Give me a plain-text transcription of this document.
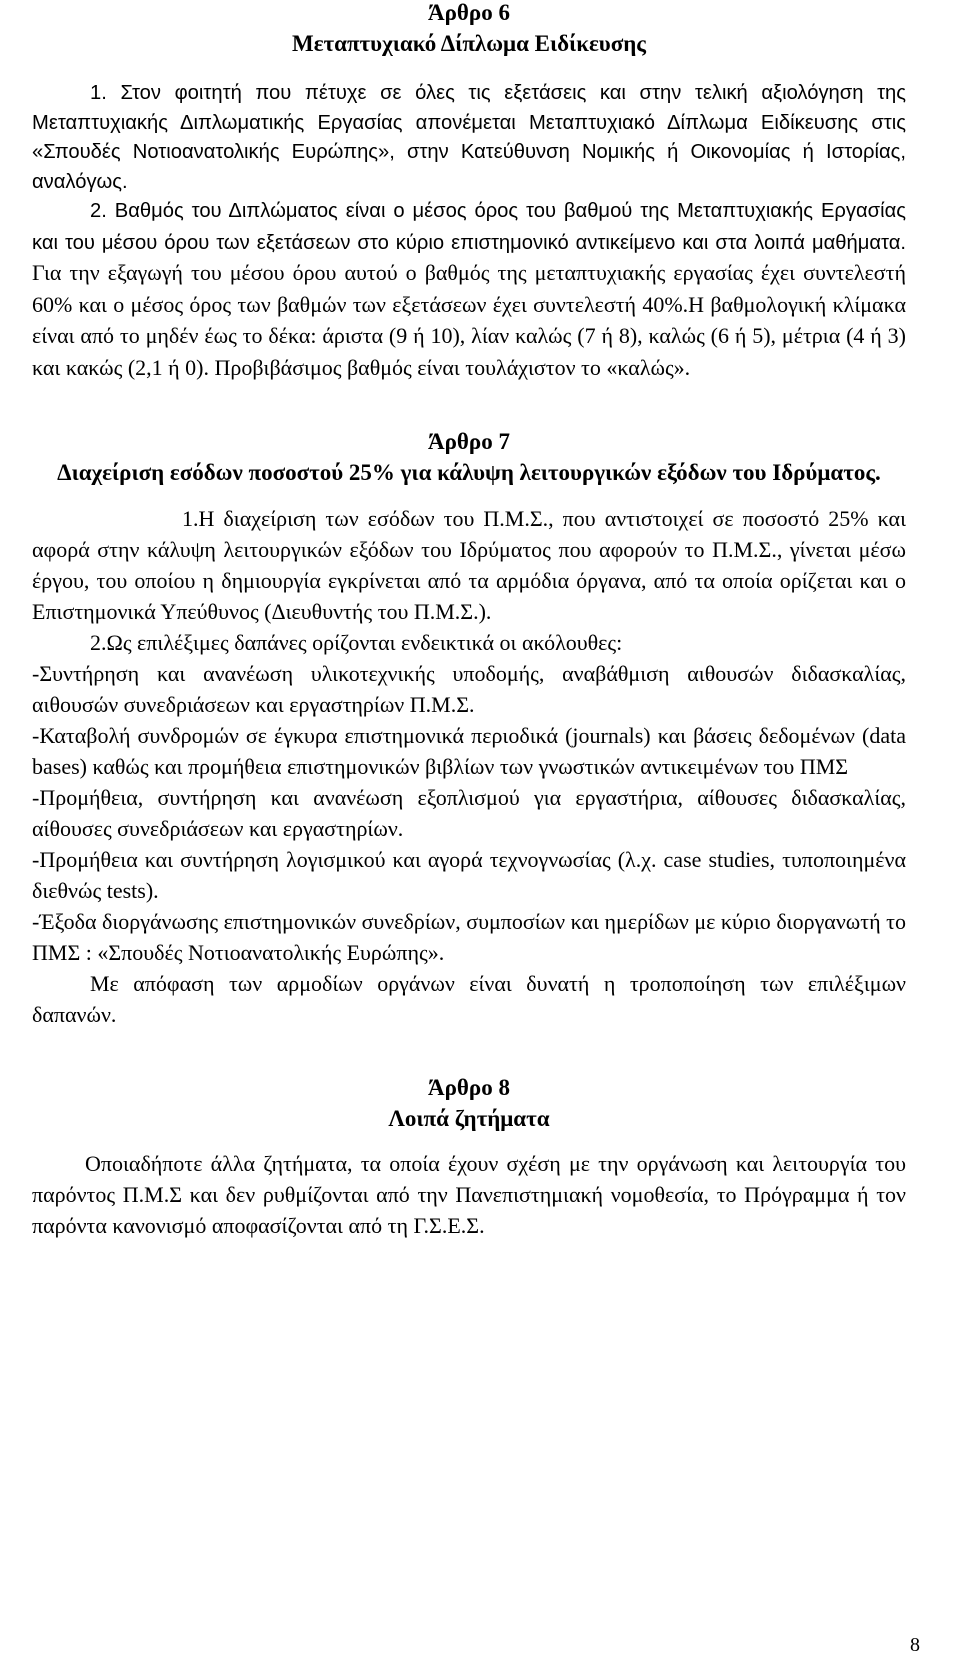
Άρθρο 6

Μεταπτυχιακό Δίπλωμα Ειδίκευσης

1. Στον φοιτητή που πέτυχε σε όλες τις εξετάσεις και στην τελική αξιολόγηση της Μεταπτυχιακής Διπλωματικής Εργασίας απονέμεται Μεταπτυχιακό Δίπλωμα Ειδίκευσης στις «Σπουδές Νοτιοανατολικής Ευρώπης», στην Κατεύθυνση Νομικής ή Οικονομίας ή Ιστορίας, αναλόγως.

2. Βαθμός του Διπλώματος είναι ο μέσος όρος του βαθμού της Μεταπτυχιακής Εργασίας και του μέσου όρου των εξετάσεων στο κύριο επιστημονικό αντικείμενο και στα λοιπά μαθήματα. Για την εξαγωγή του μέσου όρου αυτού ο βαθμός της μεταπτυχιακής εργασίας έχει συντελεστή 60% και ο μέσος όρος των βαθμών των εξετάσεων έχει συντελεστή 40%.Η βαθμολογική κλίμακα είναι από το μηδέν έως το δέκα: άριστα (9 ή 10), λίαν καλώς (7 ή 8), καλώς (6 ή 5), μέτρια (4 ή 3) και κακώς (2,1 ή 0). Προβιβάσιμος βαθμός είναι τουλάχιστον το «καλώς».

Άρθρο 7

Διαχείριση εσόδων ποσοστού 25% για κάλυψη λειτουργικών εξόδων του Ιδρύματος.

1.Η διαχείριση των εσόδων του Π.Μ.Σ., που αντιστοιχεί σε ποσοστό 25% και αφορά στην κάλυψη λειτουργικών εξόδων του Ιδρύματος που αφορούν το Π.Μ.Σ., γίνεται μέσω έργου, του οποίου η δημιουργία εγκρίνεται από τα αρμόδια όργανα, από τα οποία ορίζεται και ο Επιστημονικά Υπεύθυνος (Διευθυντής του Π.Μ.Σ.).

2.Ως επιλέξιμες δαπάνες ορίζονται ενδεικτικά οι ακόλουθες:

-Συντήρηση και ανανέωση υλικοτεχνικής υποδομής, αναβάθμιση αιθουσών διδασκαλίας, αιθουσών συνεδριάσεων και εργαστηρίων Π.Μ.Σ.

-Καταβολή συνδρομών σε έγκυρα επιστημονικά περιοδικά (journals) και βάσεις δεδομένων (data bases) καθώς και προμήθεια επιστημονικών βιβλίων των γνωστικών αντικειμένων του ΠΜΣ

-Προμήθεια, συντήρηση και ανανέωση εξοπλισμού για εργαστήρια, αίθουσες διδασκαλίας, αίθουσες συνεδριάσεων και εργαστηρίων.

-Προμήθεια και συντήρηση λογισμικού και αγορά τεχνογνωσίας (λ.χ. case studies, τυποποιημένα διεθνώς tests).

-Έξοδα διοργάνωσης επιστημονικών συνεδρίων, συμποσίων και ημερίδων με κύριο διοργανωτή το ΠΜΣ : «Σπουδές Νοτιοανατολικής Ευρώπης».

Με απόφαση των αρμοδίων οργάνων είναι δυνατή η τροποποίηση των επιλέξιμων δαπανών.

Άρθρο 8

Λοιπά ζητήματα

Οποιαδήποτε άλλα ζητήματα, τα οποία έχουν σχέση με την οργάνωση και λειτουργία του παρόντος Π.Μ.Σ και δεν ρυθμίζονται από την Πανεπιστημιακή νομοθεσία, το Πρόγραμμα ή τον παρόντα κανονισμό αποφασίζονται από τη Γ.Σ.Ε.Σ.

8
